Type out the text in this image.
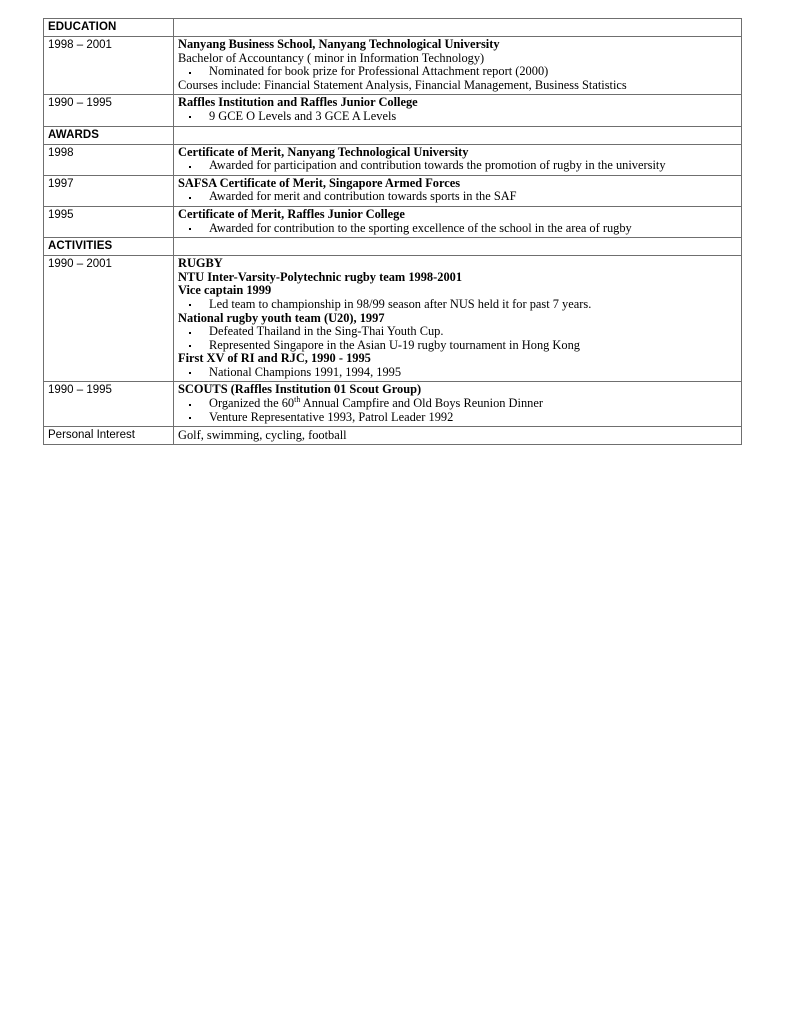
EDUCATION	
1998 – 2001	Nanyang Business School, Nanyang Technological University
Bachelor of Accountancy ( minor in Information Technology)
Nominated for book prize for Professional Attachment report (2000)
Courses include: Financial Statement Analysis, Financial Management, Business Statistics

1990 – 1995	Raffles Institution and Raffles Junior College
9 GCE O Levels and 3 GCE A Levels

AWARDS	
1998	Certificate of Merit, Nanyang Technological University
Awarded for participation and contribution towards the promotion of rugby in the university

1997	SAFSA Certificate of Merit, Singapore Armed Forces
Awarded for merit and contribution towards sports in the SAF

1995	Certificate of Merit, Raffles Junior College
Awarded for contribution to the sporting excellence of the school in the area of rugby

ACTIVITIES	
1990 – 2001	RUGBY
NTU Inter-Varsity-Polytechnic rugby team 1998-2001
Vice captain 1999
Led team to championship in 98/99 season after NUS held it for past 7 years.
National rugby youth team (U20), 1997
Defeated Thailand in the Sing-Thai Youth Cup.
Represented Singapore in the Asian U-19 rugby tournament in Hong Kong
First XV of RI and RJC, 1990 - 1995
National Champions 1991, 1994, 1995

1990 – 1995	SCOUTS (Raffles Institution 01 Scout Group)
Organized the 60th Annual Campfire and Old Boys Reunion Dinner
Venture Representative 1993, Patrol Leader 1992

Personal Interest	Golf, swimming, cycling, football
